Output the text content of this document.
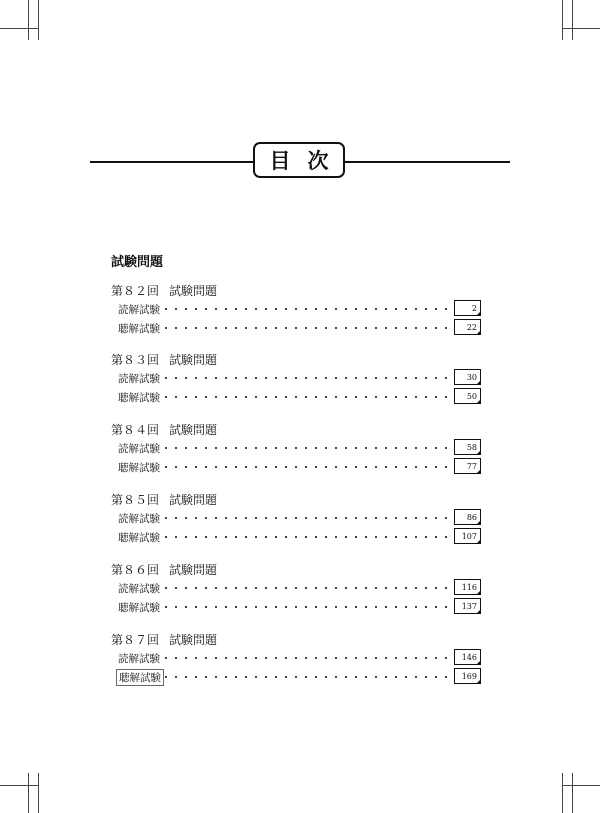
目次
試験問題
第８２回 試験問題
読解試験	2
聴解試験	22
第８３回 試験問題
読解試験	30
聴解試験	50
第８４回 試験問題
読解試験	58
聴解試験	77
第８５回 試験問題
読解試験	86
聴解試験	107
第８６回 試験問題
読解試験	116
聴解試験	137
第８７回 試験問題
読解試験	146
聴解試験	169
